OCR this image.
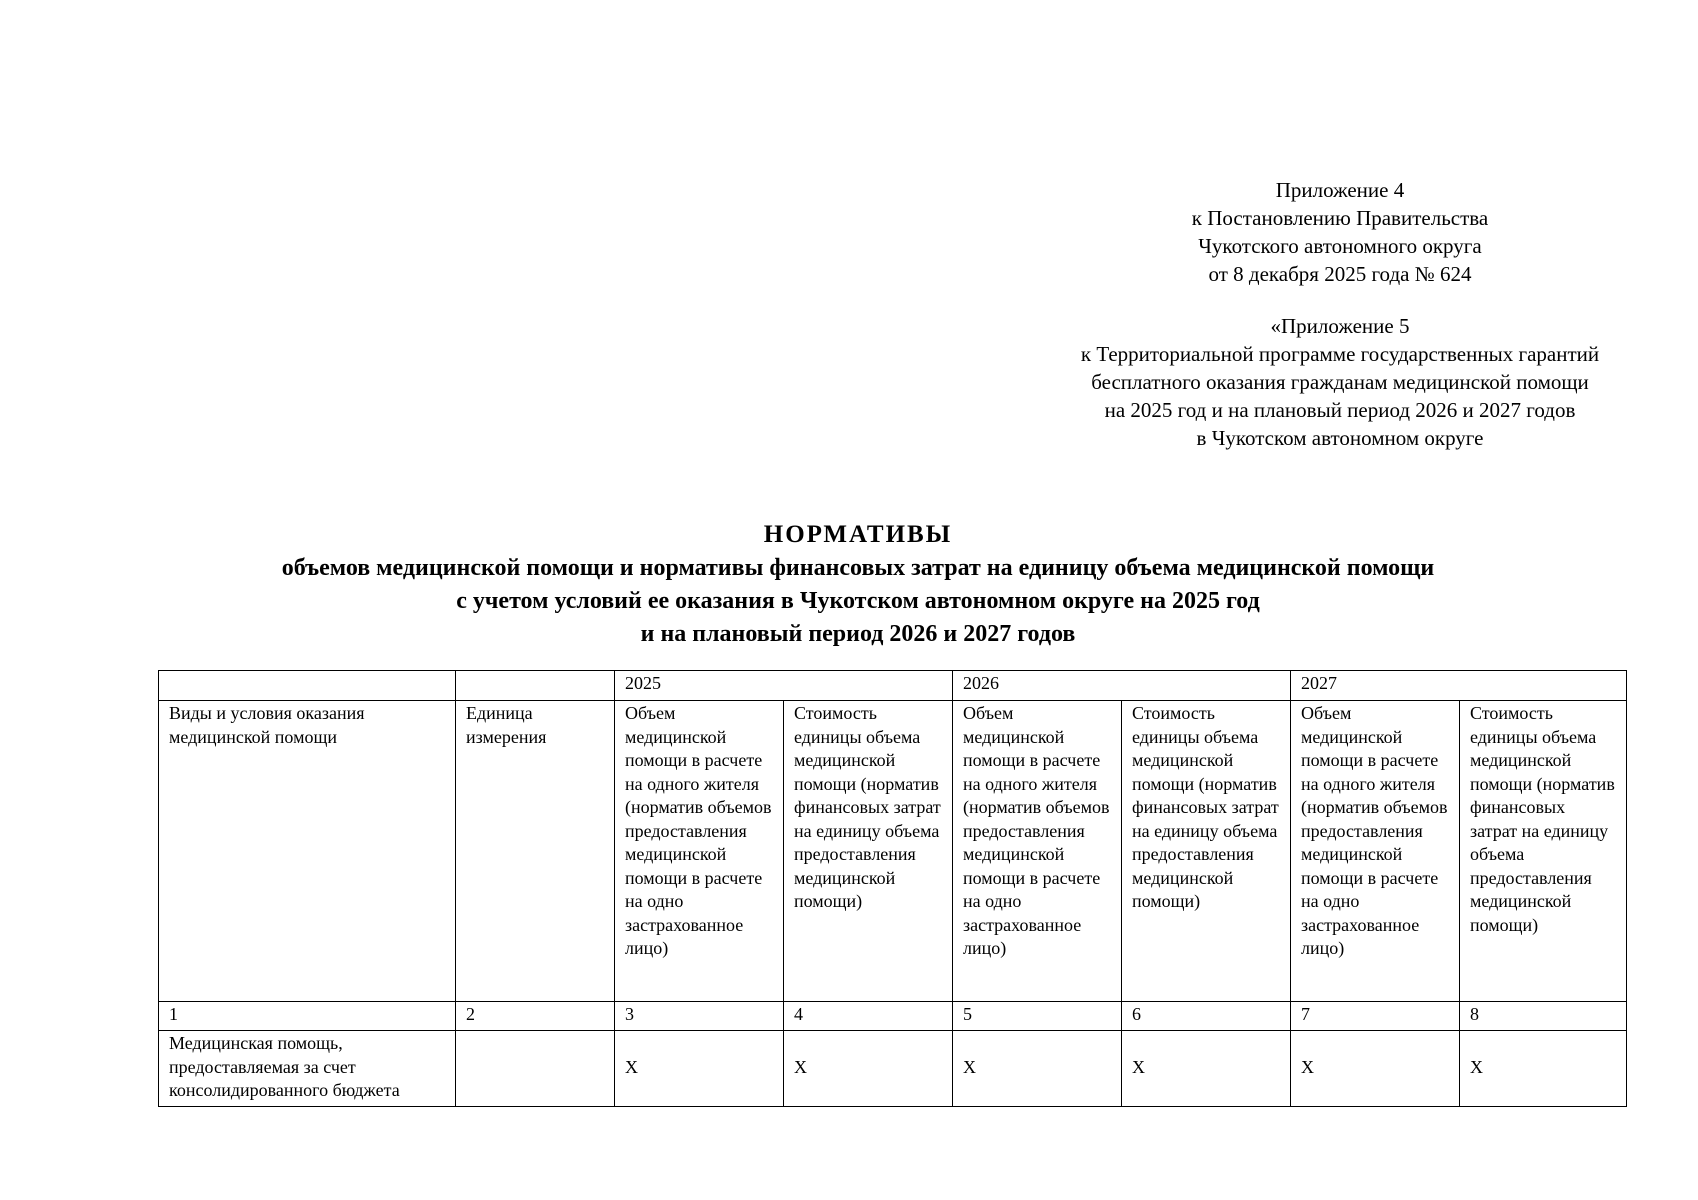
Приложение 4
к Постановлению Правительства
Чукотского автономного округа
от 8 декабря 2025 года № 624
«Приложение 5
к Территориальной программе государственных гарантий
бесплатного оказания гражданам медицинской помощи
на 2025 год и на плановый период 2026 и 2027 годов
в Чукотском автономном округе
НОРМАТИВЫ
объемов медицинской помощи и нормативы финансовых затрат на единицу объема медицинской помощи
с учетом условий ее оказания в Чукотском автономном округе на 2025 год
и на плановый период 2026 и 2027 годов
		2025		2026		2027	
Виды и условия оказания медицинской помощи	Единица измерения	Объем медицинской помощи в расчете на одного жителя (норматив объемов предоставления медицинской помощи в расчете на одно застрахованное лицо)	Стоимость единицы объема медицинской помощи (норматив финансовых затрат на единицу объема предоставления медицинской помощи)	Объем медицинской помощи в расчете на одного жителя (норматив объемов предоставления медицинской помощи в расчете на одно застрахованное лицо)	Стоимость единицы объема медицинской помощи (норматив финансовых затрат на единицу объема предоставления медицинской помощи)	Объем медицинской помощи в расчете на одного жителя (норматив объемов предоставления медицинской помощи в расчете на одно застрахованное лицо)	Стоимость единицы объема медицинской помощи (норматив финансовых затрат на единицу объема предоставления медицинской помощи)
1	2	3	4	5	6	7	8
Медицинская помощь, предоставляемая за счет консолидированного бюджета		Х	Х	Х	Х	Х	Х
